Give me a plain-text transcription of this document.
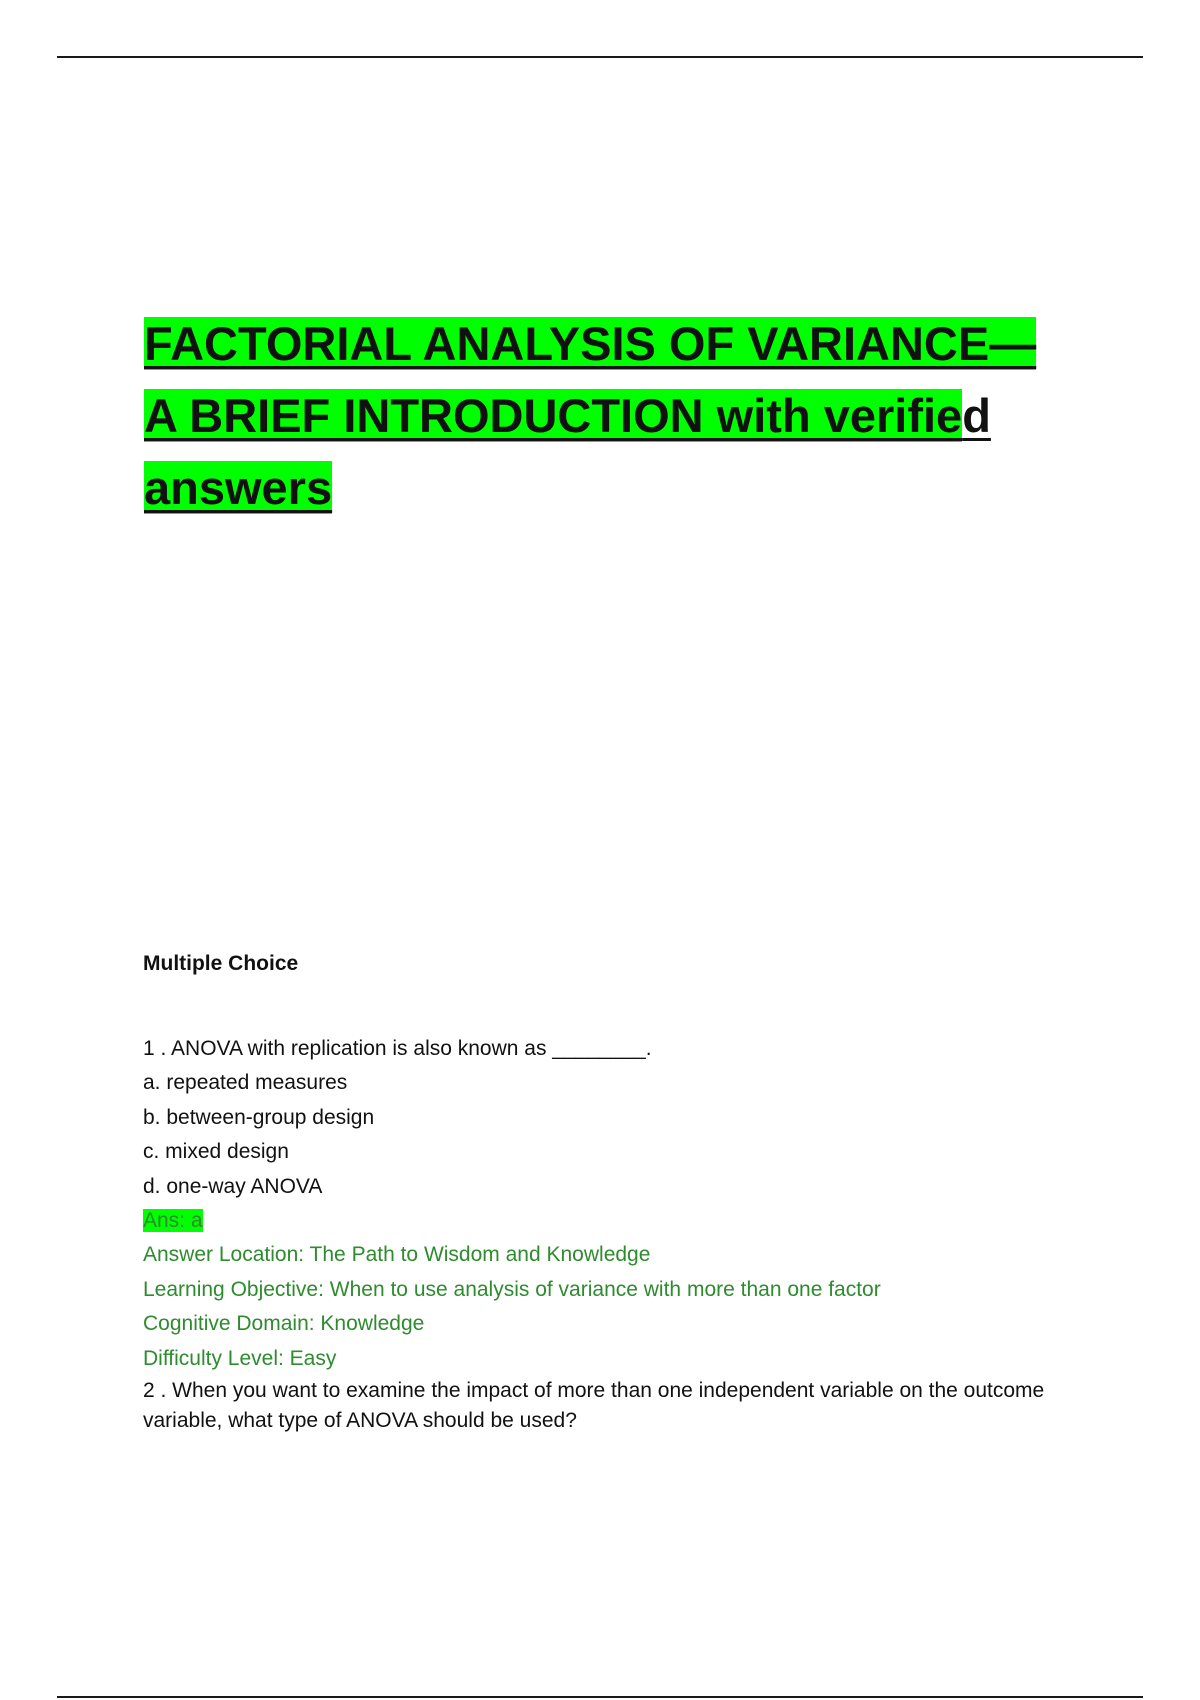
FACTORIAL ANALYSIS OF VARIANCE—
A BRIEF INTRODUCTION with verified
answers
Multiple Choice
1 . ANOVA with replication is also known as ________.
a. repeated measures
b. between-group design
c. mixed design
d. one-way ANOVA
Ans: a
Answer Location: The Path to Wisdom and Knowledge
Learning Objective: When to use analysis of variance with more than one factor
Cognitive Domain: Knowledge
Difficulty Level: Easy
2 . When you want to examine the impact of more than one independent variable on the outcome variable, what type of ANOVA should be used?
